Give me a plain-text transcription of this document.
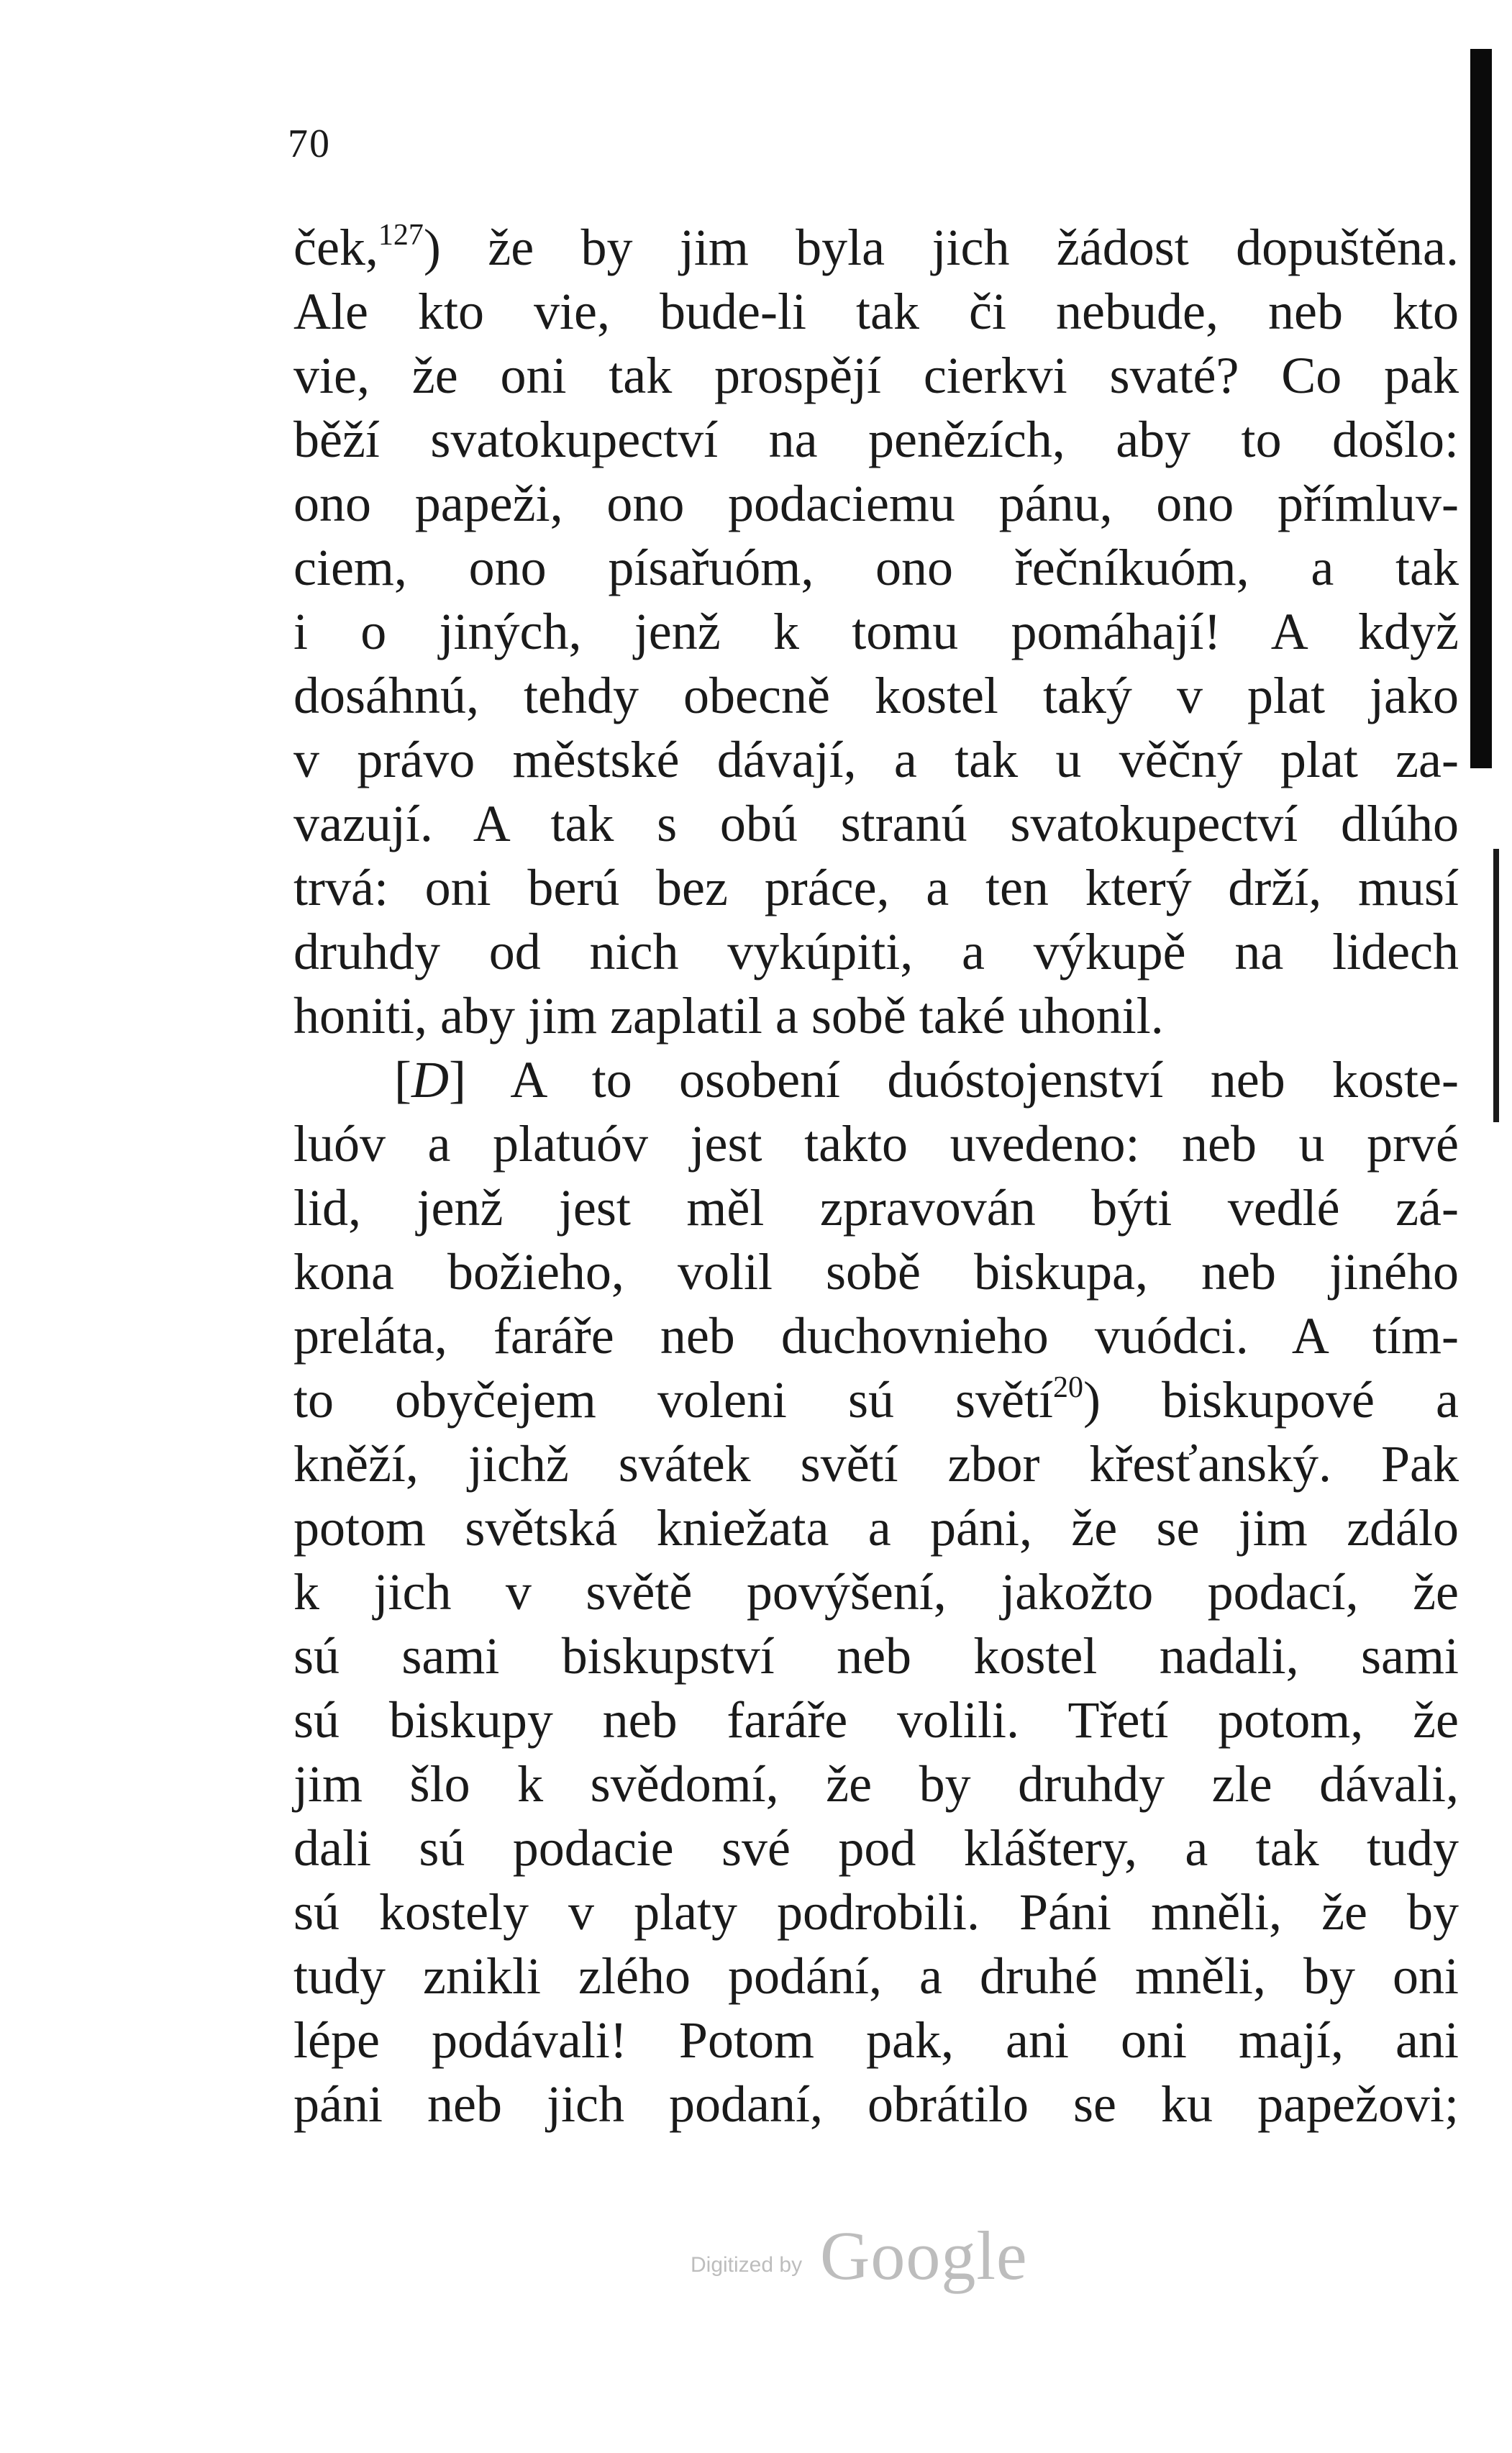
70
ček,$^{127}$) že by jim byla jich žádost dopuštěna.
Ale kto vie, bude-li tak či nebude, neb kto
vie, že oni tak prospějí cierkvi svaté? Co pak
běží svatokupectví na penězích, aby to došlo:
ono papeži, ono podaciemu pánu, ono přímluv-
ciem, ono písařuóm, ono řečníkuóm, a tak
i o jiných, jenž k tomu pomáhají! A když
dosáhnú, tehdy obecně kostel taký v plat jako
v právo městské dávají, a tak u věčný plat za-
vazují. A tak s obú stranú svatokupectví dlúho
trvá: oni berú bez práce, a ten který drží, musí
druhdy od nich vykúpiti, a výkupě na lidech
honiti, aby jim zaplatil a sobě také uhonil.
[D] A to osobení duóstojenství neb koste-
luóv a platuóv jest takto uvedeno: neb u prvé
lid, jenž jest měl zpravován býti vedlé zá-
kona božieho, volil sobě biskupa, neb jiného
preláta, faráře neb duchovnieho vuódci. A tím-
to obyčejem voleni sú světí$^{20}$) biskupové a
kněží, jichž svátek světí zbor křesťanský. Pak
potom světská kniežata a páni, že se jim zdálo
k jich v světě povýšení, jakožto podací, že
sú sami biskupství neb kostel nadali, sami
sú biskupy neb faráře volili. Třetí potom, že
jim šlo k svědomí, že by druhdy zle dávali,
dali sú podacie své pod kláštery, a tak tudy
sú kostely v platy podrobili. Páni mněli, že by
tudy znikli zlého podání, a druhé mněli, by oni
lépe podávali! Potom pak, ani oni mají, ani
páni neb jich podaní, obrátilo se ku papežovi;
Digitized by Google
